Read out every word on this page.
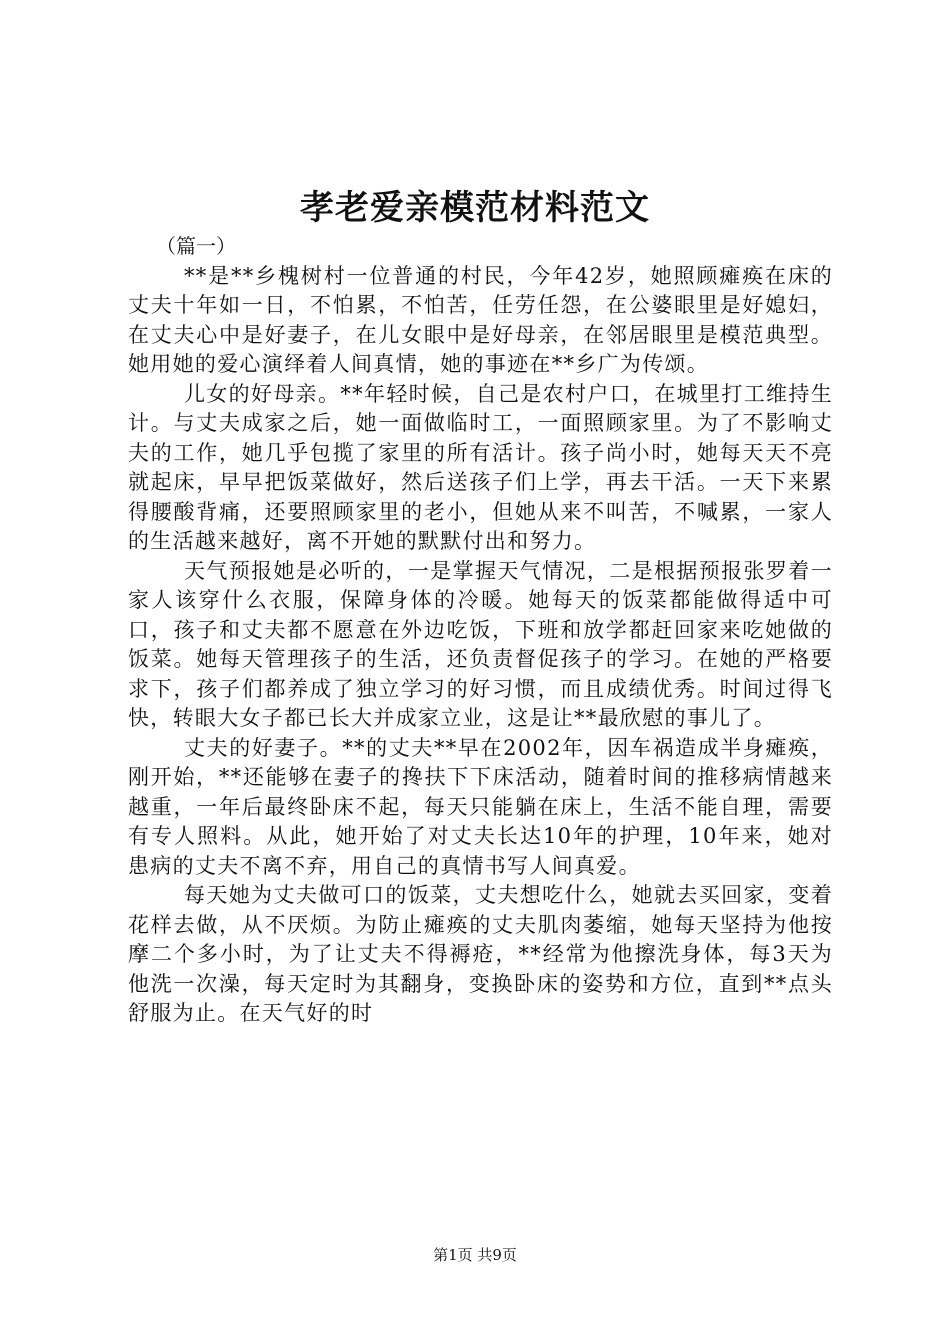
孝老爱亲模范材料范文

（篇一）

**是**乡槐树村一位普通的村民，今年42岁，她照顾瘫痪在床的丈夫十年如一日，不怕累，不怕苦，任劳任怨，在公婆眼里是好媳妇，在丈夫心中是好妻子，在儿女眼中是好母亲，在邻居眼里是模范典型。她用她的爱心演绎着人间真情，她的事迹在**乡广为传颂。

儿女的好母亲。**年轻时候，自己是农村户口，在城里打工维持生计。与丈夫成家之后，她一面做临时工，一面照顾家里。为了不影响丈夫的工作，她几乎包揽了家里的所有活计。孩子尚小时，她每天天不亮就起床，早早把饭菜做好，然后送孩子们上学，再去干活。一天下来累得腰酸背痛，还要照顾家里的老小，但她从来不叫苦，不喊累，一家人的生活越来越好，离不开她的默默付出和努力。

天气预报她是必听的，一是掌握天气情况，二是根据预报张罗着一家人该穿什么衣服，保障身体的冷暖。她每天的饭菜都能做得适中可口，孩子和丈夫都不愿意在外边吃饭，下班和放学都赶回家来吃她做的饭菜。她每天管理孩子的生活，还负责督促孩子的学习。在她的严格要求下，孩子们都养成了独立学习的好习惯，而且成绩优秀。时间过得飞快，转眼大女子都已长大并成家立业，这是让**最欣慰的事儿了。

丈夫的好妻子。**的丈夫**早在2002年，因车祸造成半身瘫痪，刚开始，**还能够在妻子的搀扶下下床活动，随着时间的推移病情越来越重，一年后最终卧床不起，每天只能躺在床上，生活不能自理，需要有专人照料。从此，她开始了对丈夫长达10年的护理，10年来，她对患病的丈夫不离不弃，用自己的真情书写人间真爱。

每天她为丈夫做可口的饭菜，丈夫想吃什么，她就去买回家，变着花样去做，从不厌烦。为防止瘫痪的丈夫肌肉萎缩，她每天坚持为他按摩二个多小时，为了让丈夫不得褥疮，**经常为他擦洗身体，每3天为他洗一次澡，每天定时为其翻身，变换卧床的姿势和方位，直到**点头舒服为止。在天气好的时

第1页 共9页
